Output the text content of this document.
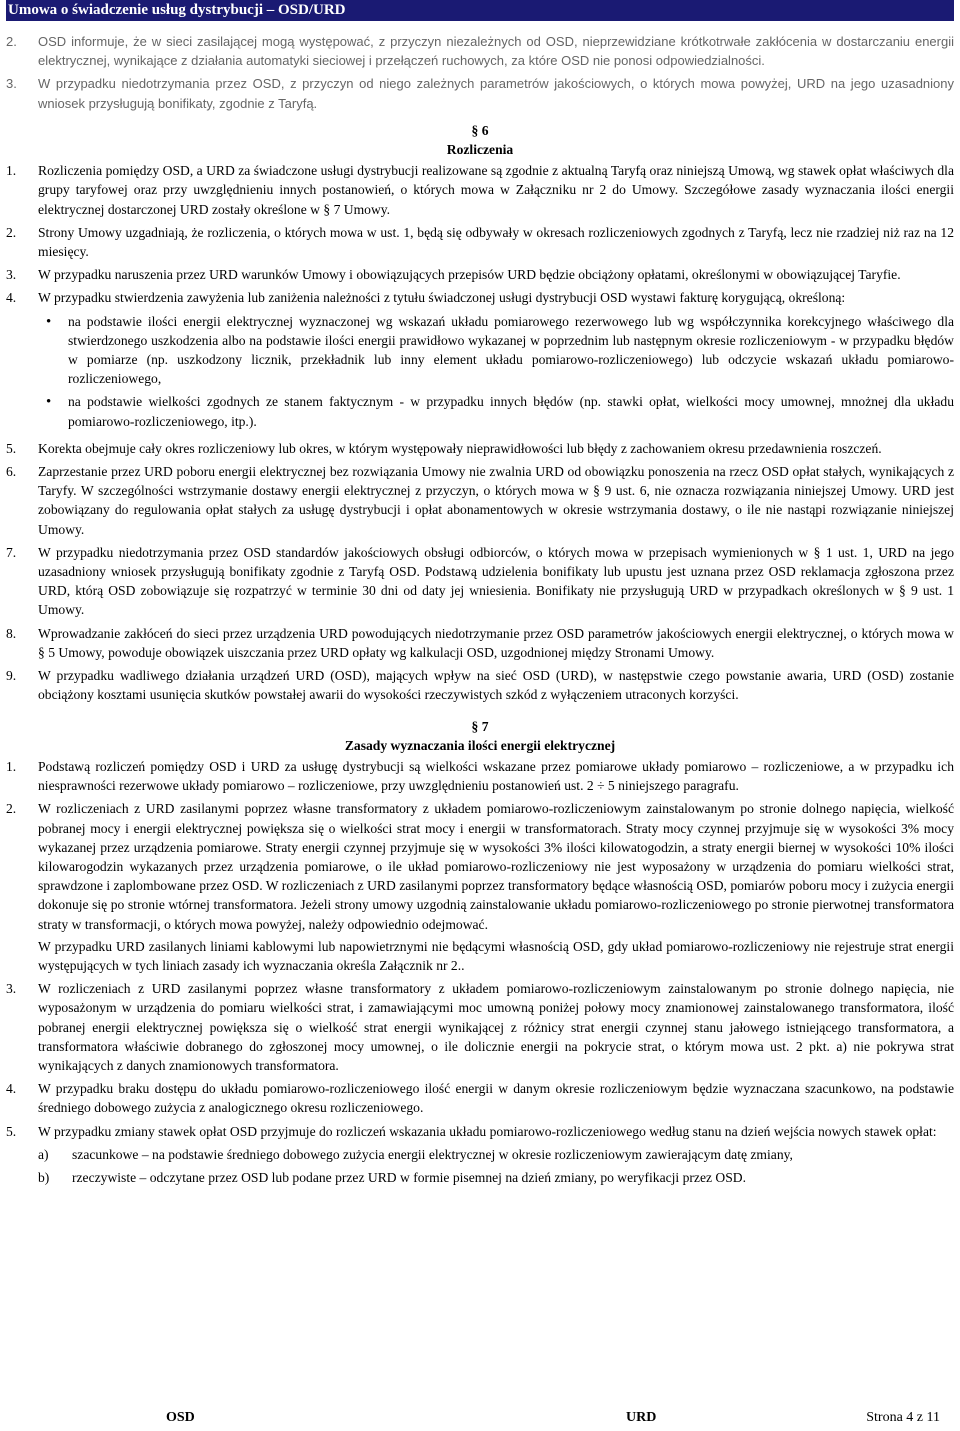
Umowa o świadczenie usług dystrybucji – OSD/URD
2.	OSD informuje, że w sieci zasilającej mogą występować, z przyczyn niezależnych od OSD, nieprzewidziane krótkotrwałe zakłócenia w dostarczaniu energii elektrycznej, wynikające z działania automatyki sieciowej i przełączeń ruchowych, za które OSD nie ponosi odpowiedzialności.
3.	W przypadku niedotrzymania przez OSD, z przyczyn od niego zależnych parametrów jakościowych, o których mowa powyżej, URD na jego uzasadniony wniosek przysługują bonifikaty, zgodnie z Taryfą.
§ 6
Rozliczenia
1.	Rozliczenia pomiędzy OSD, a URD za świadczone usługi dystrybucji realizowane są zgodnie z aktualną Taryfą oraz niniejszą Umową, wg stawek opłat właściwych dla grupy taryfowej oraz przy uwzględnieniu innych postanowień, o których mowa w Załączniku nr 2 do Umowy. Szczegółowe zasady wyznaczania ilości energii elektrycznej dostarczonej URD zostały określone w § 7 Umowy.
2.	Strony Umowy uzgadniają, że rozliczenia, o których mowa w ust. 1, będą się odbywały w okresach rozliczeniowych zgodnych z Taryfą, lecz nie rzadziej niż raz na 12 miesięcy.
3.	W przypadku naruszenia przez URD warunków Umowy i obowiązujących przepisów URD będzie obciążony opłatami, określonymi w obowiązującej Taryfie.
4.	W przypadku stwierdzenia zawyżenia lub zaniżenia należności z tytułu świadczonej usługi dystrybucji OSD wystawi fakturę korygującą, określoną:
•
na podstawie ilości energii elektrycznej wyznaczonej wg wskazań układu pomiarowego rezerwowego lub wg współczynnika korekcyjnego właściwego dla stwierdzonego uszkodzenia albo na podstawie ilości energii prawidłowo wykazanej w poprzednim lub następnym okresie rozliczeniowym - w przypadku błędów w pomiarze (np. uszkodzony licznik, przekładnik lub inny element układu pomiarowo-rozliczeniowego) lub odczycie wskazań układu pomiarowo-rozliczeniowego,
•
na podstawie wielkości zgodnych ze stanem faktycznym - w przypadku innych błędów (np. stawki opłat, wielkości mocy umownej, mnożnej dla układu pomiarowo-rozliczeniowego, itp.).
5.	Korekta obejmuje cały okres rozliczeniowy lub okres, w którym występowały nieprawidłowości lub błędy z zachowaniem okresu przedawnienia roszczeń.
6.	Zaprzestanie przez URD poboru energii elektrycznej bez rozwiązania Umowy nie zwalnia URD od obowiązku ponoszenia na rzecz OSD opłat stałych, wynikających z Taryfy. W szczególności wstrzymanie dostawy energii elektrycznej z przyczyn, o których mowa w § 9 ust. 6, nie oznacza rozwiązania niniejszej Umowy. URD jest zobowiązany do regulowania opłat stałych za usługę dystrybucji i opłat abonamentowych w okresie wstrzymania dostawy, o ile nie nastąpi rozwiązanie niniejszej Umowy.
7.	W przypadku niedotrzymania przez OSD standardów jakościowych obsługi odbiorców, o których mowa w przepisach wymienionych w § 1 ust. 1, URD na jego uzasadniony wniosek przysługują bonifikaty zgodnie z Taryfą OSD. Podstawą udzielenia bonifikaty lub upustu jest uznana przez OSD reklamacja zgłoszona przez URD, którą OSD zobowiązuje się rozpatrzyć w terminie 30 dni od daty jej wniesienia. Bonifikaty nie przysługują URD w przypadkach określonych w § 9 ust. 1 Umowy.
8.	Wprowadzanie zakłóceń do sieci przez urządzenia URD powodujących niedotrzymanie przez OSD parametrów jakościowych energii elektrycznej, o których mowa w § 5 Umowy, powoduje obowiązek uiszczania przez URD opłaty wg kalkulacji OSD, uzgodnionej między Stronami Umowy.
9.	W przypadku wadliwego działania urządzeń URD (OSD), mających wpływ na sieć OSD (URD), w następstwie czego powstanie awaria, URD (OSD) zostanie obciążony kosztami usunięcia skutków powstałej awarii do wysokości rzeczywistych szkód z wyłączeniem utraconych korzyści.
§ 7
Zasady wyznaczania ilości energii elektrycznej
1.	Podstawą rozliczeń pomiędzy OSD i URD za usługę dystrybucji są wielkości wskazane przez pomiarowe układy pomiarowo – rozliczeniowe, a w przypadku ich niesprawności rezerwowe układy pomiarowo – rozliczeniowe, przy uwzględnieniu postanowień ust. 2 ÷ 5 niniejszego paragrafu.
2.	W rozliczeniach z URD zasilanymi poprzez własne transformatory z układem pomiarowo-rozliczeniowym zainstalowanym po stronie dolnego napięcia, wielkość pobranej mocy i energii elektrycznej powiększa się o wielkości strat mocy i energii w transformatorach. Straty mocy czynnej przyjmuje się w wysokości 3% mocy wykazanej przez urządzenia pomiarowe. Straty energii czynnej przyjmuje się w wysokości 3% ilości kilowatogodzin, a straty energii biernej w wysokości 10% ilości kilowarogodzin wykazanych przez urządzenia pomiarowe, o ile układ pomiarowo-rozliczeniowy nie jest wyposażony w urządzenia do pomiaru wielkości strat, sprawdzone i zaplombowane przez OSD. W rozliczeniach z URD zasilanymi poprzez transformatory będące własnością OSD, pomiarów poboru mocy i zużycia energii dokonuje się po stronie wtórnej transformatora. Jeżeli strony umowy uzgodnią zainstalowanie układu pomiarowo-rozliczeniowego po stronie pierwotnej transformatora straty w transformacji, o których mowa powyżej, należy odpowiednio odejmować.
W przypadku URD zasilanych liniami kablowymi lub napowietrznymi nie będącymi własnością OSD, gdy układ pomiarowo-rozliczeniowy nie rejestruje strat energii występujących w tych liniach zasady ich wyznaczania określa Załącznik nr 2..
3.	W rozliczeniach z URD zasilanymi poprzez własne transformatory z układem pomiarowo-rozliczeniowym zainstalowanym po stronie dolnego napięcia, nie wyposażonym w urządzenia do pomiaru wielkości strat, i zamawiającymi moc umowną poniżej połowy mocy znamionowej zainstalowanego transformatora, ilość pobranej energii elektrycznej powiększa się o wielkość strat energii wynikającej z różnicy strat energii czynnej stanu jałowego istniejącego transformatora, a transformatora właściwie dobranego do zgłoszonej mocy umownej, o ile dolicznie energii na pokrycie strat, o którym mowa ust. 2 pkt. a) nie pokrywa strat wynikających z danych znamionowych transformatora.
4.	W przypadku braku dostępu do układu pomiarowo-rozliczeniowego ilość energii w danym okresie rozliczeniowym będzie wyznaczana szacunkowo, na podstawie średniego dobowego zużycia z analogicznego okresu rozliczeniowego.
5.	W przypadku zmiany stawek opłat OSD przyjmuje do rozliczeń wskazania układu pomiarowo-rozliczeniowego według stanu na dzień wejścia nowych stawek opłat:
a)	szacunkowe – na podstawie średniego dobowego zużycia energii elektrycznej w okresie rozliczeniowym zawierającym datę zmiany,
b)	rzeczywiste – odczytane przez OSD lub podane przez URD w formie pisemnej na dzień zmiany, po weryfikacji przez OSD.
OSD	URD	Strona 4 z 11
